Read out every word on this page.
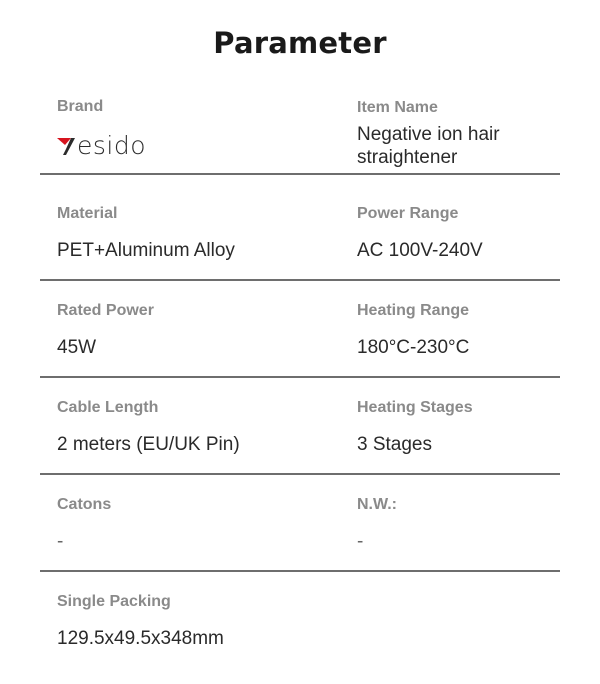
Parameter
Brand
esido
Item Name
Negative ion hair
straightener
Material
PET+Aluminum Alloy
Power Range
AC 100V-240V
Rated Power
45W
Heating Range
180°C-230°C
Cable Length
2 meters (EU/UK Pin)
Heating Stages
3 Stages
Catons
-
N.W.:
-
Single Packing
129.5x49.5x348mm
